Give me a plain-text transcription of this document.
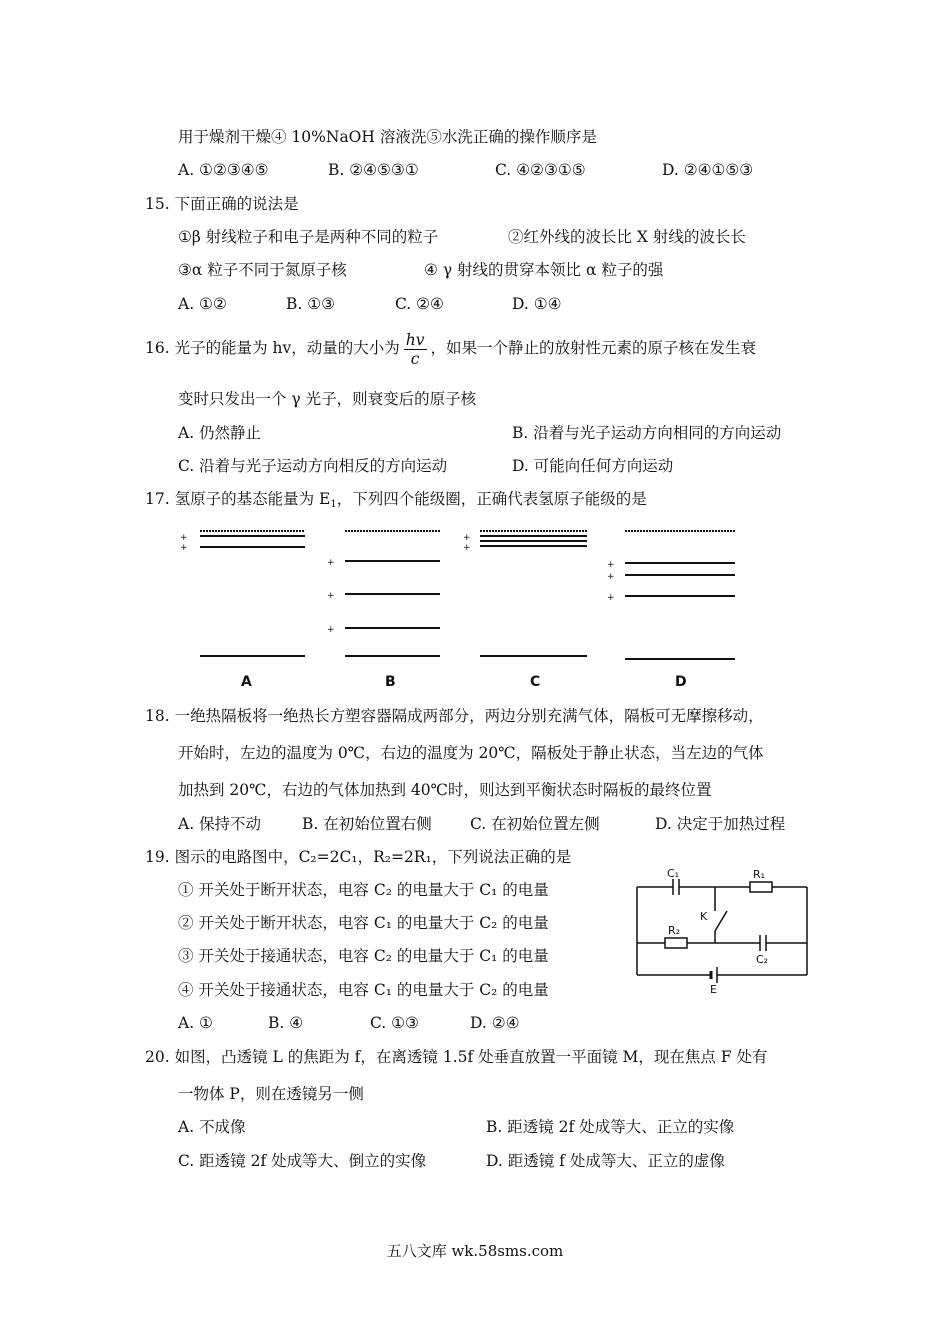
用于燥剂干燥④ 10%NaOH 溶液洗⑤水洗正确的操作顺序是
A. ①②③④⑤	B. ②④⑤③①	C. ④②③①⑤	D. ②④①⑤③
15. 下面正确的说法是
①β 射线粒子和电子是两种不同的粒子	②红外线的波长比 X 射线的波长长
③α 粒子不同于氮原子核	④ γ 射线的贯穿本领比 α 粒子的强
A. ①②	B. ①③	C. ②④	D. ①④
16. 光子的能量为 hv，动量的大小为 $\frac{hv}{c}$ ，如果一个静止的放射性元素的原子核在发生衰
变时只发出一个 γ 光子，则衰变后的原子核
A. 仍然静止	B. 沿着与光子运动方向相同的方向运动
C. 沿着与光子运动方向相反的方向运动	D. 可能向任何方向运动
17. 氢原子的基态能量为 $E_1$，下列四个能级圈，正确代表氢原子能级的是
+
+
+
+
+
+
+
+
+
+
A	B	C	D
18. 一绝热隔板将一绝热长方塑容器隔成两部分，两边分别充满气体，隔板可无摩擦移动，
开始时，左边的温度为 0℃，右边的温度为 20℃，隔板处于静止状态，当左边的气体
加热到 20℃，右边的气体加热到 40℃时，则达到平衡状态时隔板的最终位置
A. 保持不动	B. 在初始位置右侧 C. 在初始位置左侧	D. 决定于加热过程
19. 图示的电路图中，C₂=2C₁，R₂=2R₁，下列说法正确的是
① 开关处于断开状态，电容 C₂ 的电量大于 C₁ 的电量
② 开关处于断开状态，电容 C₁ 的电量大于 C₂ 的电量
③ 开关处于接通状态，电容 C₂ 的电量大于 C₁ 的电量
④ 开关处于接通状态，电容 C₁ 的电量大于 C₂ 的电量
A. ①	B. ④	C. ①③	D. ②④
C₁	R₁
K
R₂
C₂
E
20. 如图，凸透镜 L 的焦距为 f，在离透镜 1.5f 处垂直放置一平面镜 M，现在焦点 F 处有
一物体 P，则在透镜另一侧
A. 不成像	B. 距透镜 2f 处成等大、正立的实像
C. 距透镜 2f 处成等大、倒立的实像	D. 距透镜 f 处成等大、正立的虚像
五八文库 wk.58sms.com
